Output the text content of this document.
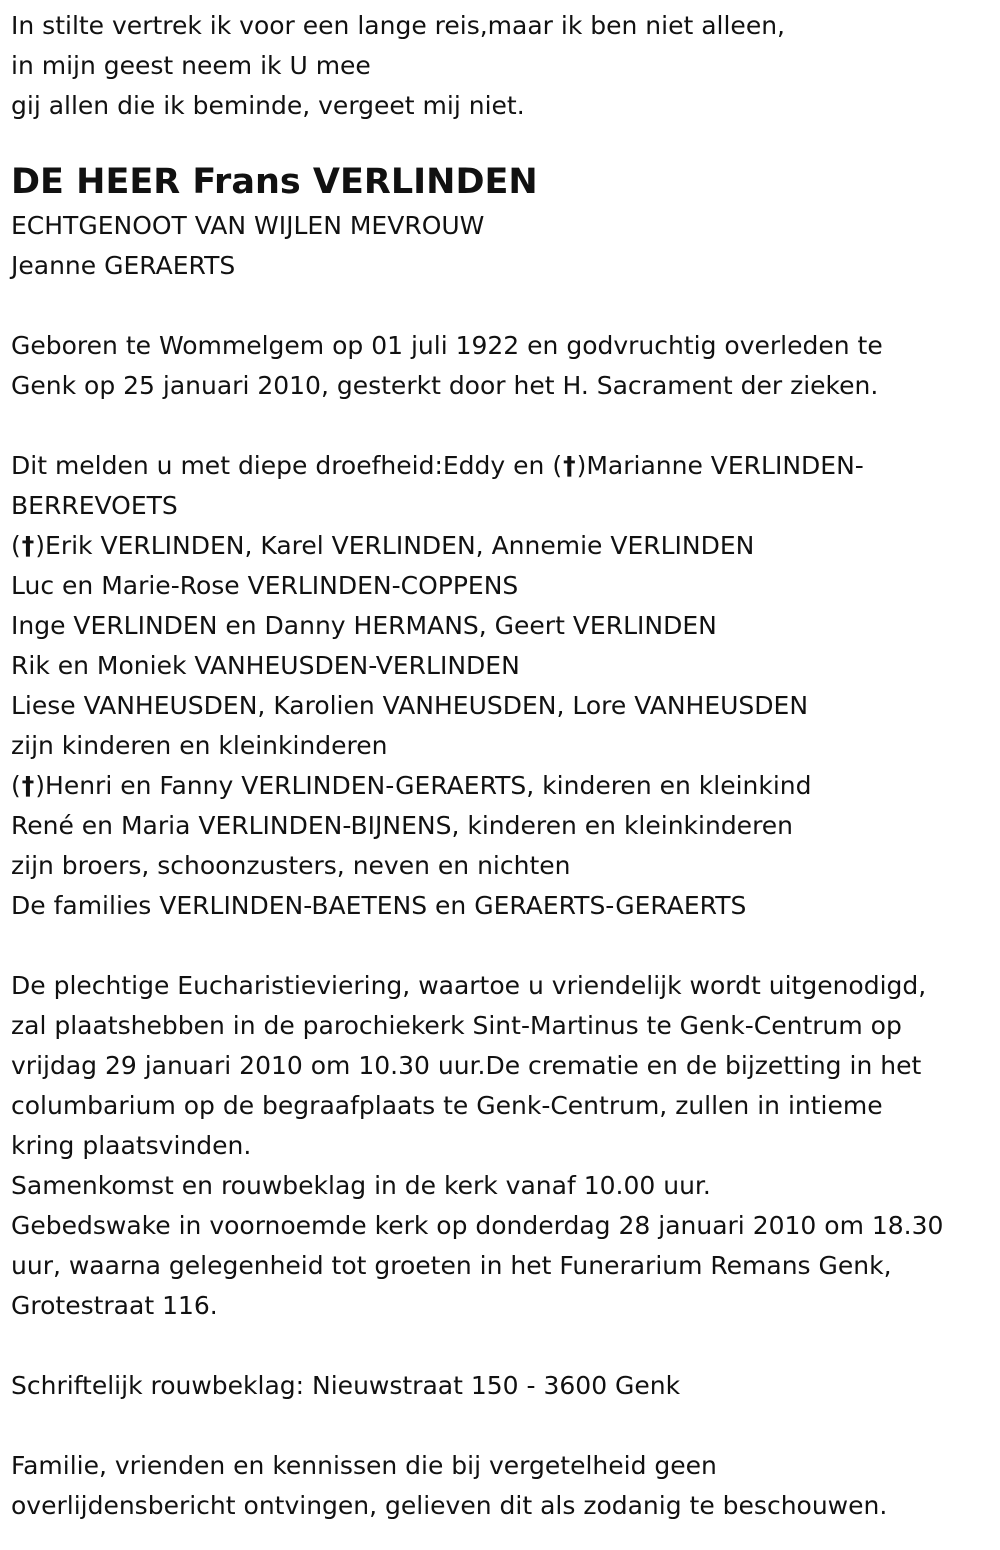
In stilte vertrek ik voor een lange reis,maar ik ben niet alleen,

in mijn geest neem ik U mee

gij allen die ik beminde, vergeet mij niet.

DE HEER Frans VERLINDEN

ECHTGENOOT VAN WIJLEN MEVROUW

Jeanne GERAERTS

Geboren te Wommelgem op 01 juli 1922 en godvruchtig overleden te

Genk op 25 januari 2010, gesterkt door het H. Sacrament der zieken.

Dit melden u met diepe droefheid:Eddy en (†)Marianne VERLINDEN-

BERREVOETS

(†)Erik VERLINDEN, Karel VERLINDEN, Annemie VERLINDEN

Luc en Marie-Rose VERLINDEN-COPPENS

Inge VERLINDEN en Danny HERMANS, Geert VERLINDEN

Rik en Moniek VANHEUSDEN-VERLINDEN

Liese VANHEUSDEN, Karolien VANHEUSDEN, Lore VANHEUSDEN

zijn kinderen en kleinkinderen

(†)Henri en Fanny VERLINDEN-GERAERTS, kinderen en kleinkind

René en Maria VERLINDEN-BIJNENS, kinderen en kleinkinderen

zijn broers, schoonzusters, neven en nichten

De families VERLINDEN-BAETENS en GERAERTS-GERAERTS

De plechtige Eucharistieviering, waartoe u vriendelijk wordt uitgenodigd,

zal plaatshebben in de parochiekerk Sint-Martinus te Genk-Centrum op

vrijdag 29 januari 2010 om 10.30 uur.De crematie en de bijzetting in het

columbarium op de begraafplaats te Genk-Centrum, zullen in intieme

kring plaatsvinden.

Samenkomst en rouwbeklag in de kerk vanaf 10.00 uur.

Gebedswake in voornoemde kerk op donderdag 28 januari 2010 om 18.30

uur, waarna gelegenheid tot groeten in het Funerarium Remans Genk,

Grotestraat 116.

Schriftelijk rouwbeklag: Nieuwstraat 150 - 3600 Genk

Familie, vrienden en kennissen die bij vergetelheid geen

overlijdensbericht ontvingen, gelieven dit als zodanig te beschouwen.
